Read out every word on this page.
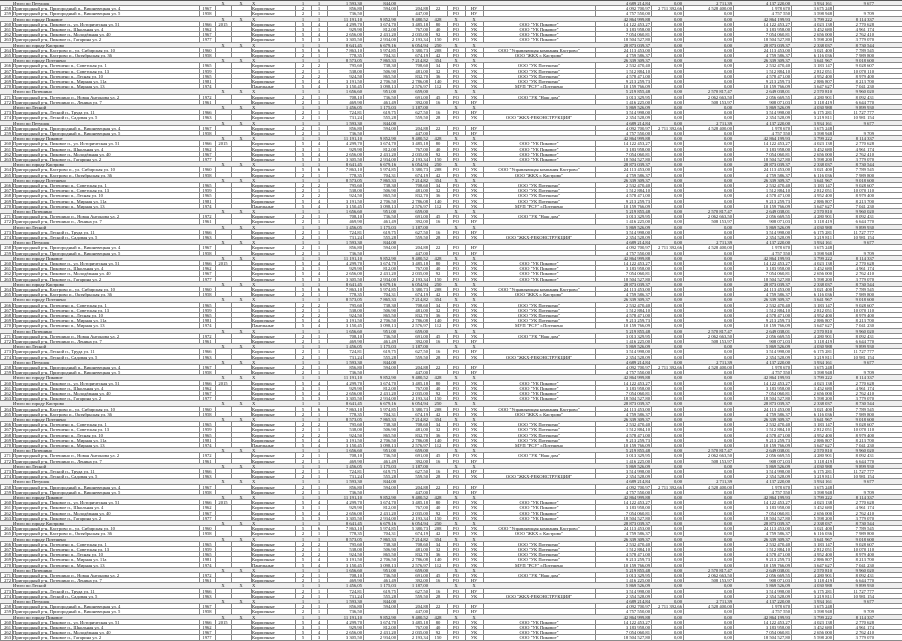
Итого по Петушок	X	X	X	1	1	1 593,30	844,00	4 689 214,84	0,00	2 711,39	4 137 220,00	3 934 161	9 677
258 Пригородный р-н, Пригородный п., Вишневецкая ул. 4	1967	Кирпичные	2	1	856,80	594,00	204,88	22	РО	НУ	4 092 700,97	2 711 392,66	4 528 400,00	1 978 670	3 675 248
259 Пригородный р-н, Пригородный п., Вишневецкая ул. 5	1958	Кирпичные	2	1	736,50	447,00	РО	НУ	4 757 550,00	0,00	0,00	4 757 550	3 598 948	9 709
Итого по городу Пиковое	X	X	X	1	1	11 191,10	9 852,90	9 480,52	428	X	X	42 864 999,88	0,00	0,00	42 864 199,93	3 799 222	8 114 337
260 Пригородный р-н, Пиковое п., ул. Историческая ул. 51	1966	2015	Кирпичные	5	4	4 299,70	3 674,70	3 485,18	80	РО	УК	ООО "УК Пиковое"	14 122 453,27	0,00	0,00	14 122 453,27	4 023 138	2 770 628
261 Пригородный р-н, Пиковое п., Школьная ул. 4	1962	Кирпичные	3	1	929,90	812,00	767,00	40	РО	УК	ООО "УК Пиковое"	3 183 958,00	0,00	0,00	3 183 958,00	3 452 680	4 961 174
262 Пригородный р-н, Пиковое п., Молодёжная ул. 40	1967	Кирпичные	5	4	2 656,00	2 431,20	2 035,00	92	РО	УК	ООО "УК Пиковое"	7 054 060,81	0,00	0,00	7 054 060,81	2 656 000	2 762 410
263 Пригородный р-н, Пиковое п., Гагарина ул. 2	1977	Кирпичные	5	3	3 305,50	2 934,00	2 193,34	150	РО	УК	ООО "УК Пиковое"	18 504 527,80	0,00	0,00	18 504 527,80	5 598 200	3 779 070
Итого по городу Кастрово	X	X	X	1	1	8 641,45	6 679,16	6 054,94	250	X	X	28 873 039,37	0,00	0,00	28 873 039,37	2 338 037	8 730 544
264 Пригородный р-н, Кастрово п., ул. Сибирская ул. 10	1960	Кирпичные	5	6	7 863,10	5 974,85	5 380,73	208	РО	УК	ООО "Управляющая компания Кастрово"	24 113 453,00	0,00	0,00	24 113 453,00	3 021 400	7 789 545
265 Пригородный р-н, Кастрово п., Октябрьская ул. 36	1958	Кирпичные	2	1	778,35	704,31	674,19	42	РО	УК	ООО "ЖКХ г. Кастрово"	4 759 586,37	0,00	0,00	4 759 586,37	6 116 036	7 989 800
Итого по городу Потешено	X	X	X	1	1	8 573,05	7 865,33	7 214,82	354	X	X	26 339 309,37	0,00	0,00	26 339 309,37	3 641 967	9 018 600
266 Пригородный р-н, Потешено п., Советская ул. 1	1965	Кирпичные	2	2	795,60	738,30	708,60	34	РО	УК	ООО "УК Потешено"	2 532 470,40	0,00	0,00	2 532 470,40	3 183 147	9 028 607
267 Пригородный р-н, Потешено п., Советская ул. 13	1959	Кирпичные	2	1	538,00	506,90	481,00	32	РО	УК	ООО "УК Потешено"	1 512 884,10	0,00	0,00	1 512 884,10	2 812 051	10 070 110
268 Пригородный р-н, Потешено п., Лесная ул. 10	1965	Кирпичные	2	2	924,50	865,50	832,70	36	РО	УК	ООО "УК Потешено"	4 578 471,00	0,00	0,00	4 578 471,00	4 952 400	8 979 400
269 Пригородный р-н, Потешено п., Мирная ул. 11а	1981	Кирпичные	5	4	3 191,50	2 706,50	2 786,08	140	РО	УК	ООО "УК Потешено"	9 213 259,73	0,00	0,00	9 213 259,73	2 886 807	8 213 700
270 Пригородный р-н, Потешено п., Мирная ул. 13	1974	Панельные	5	4	3 150,45	3 098,13	2 576,97	112	РО	УК	МУП "РСУ" г.Потешено	10 159 766,09	0,00	0,00	10 159 766,09	3 647 627	7 041 230
Итого по Потешино	X	X	X	1	1	1 656,60	951,00	659,00	X	X	5 219 855,48	0,00	2 570 817,47	2 649 038,01	2 570 810	9 960 020
271 Пригородный р-н, Потешино п., Новая Антонова ул. 2	1972	Кирпичные	2	1	708,10	736,50	691,00	45	РО	УК	ООО "УК "Наш дом"	3 013 329,95	0,00	2 062 663,50	2 056 669,55	4 280 901	8 092 431
272 Пригородный р-н, Потешино п., Ленина ул. 7	1961	Кирпичные	2	1	469,90	461,49	392,00	16	РО	НУ	1 416 225,00	0,00	508 153,97	908 071,03	3 118 419	6 644 770
Итого по Лесной	X	X	X	1	1	1 456,05	1 175,03	1 187,00	X	X	5 869 526,09	0,00	0,00	5 869 526,09	4 030 988	9 899 930
273 Пригородный р-н, Лесной п., Труда ул. 11	1966	Кирпичные	2	1	724,81	619,75	627,50	16	РО	НУ	3 514 998,00	0,00	0,00	3 514 998,00	6 175 281	11 727 777
274 Пригородный р-н, Лесной п., Садовая ул. 5	1963	Кирпичные	2	1	731,24	555,28	559,50	28	РО	УК	ООО "ЖКХ-РЕКОНСТРУКЦИЯ"	2 354 528,09	0,00	0,00	2 354 528,09	3 219 811	10 981 154
Итого по Петушок	X	X	X	1	1	1 593,30	844,00	4 689 214,84	0,00	2 711,39	4 137 220,00	3 934 161	9 677
258 Пригородный р-н, Пригородный п., Вишневецкая ул. 4	1967	Кирпичные	2	1	856,80	594,00	204,88	22	РО	НУ	4 092 700,97	2 711 392,66	4 528 400,00	1 978 670	3 675 248
259 Пригородный р-н, Пригородный п., Вишневецкая ул. 5	1958	Кирпичные	2	1	736,50	447,00	РО	НУ	4 757 550,00	0,00	0,00	4 757 550	3 598 948	9 709
Итого по городу Пиковое	X	X	X	1	1	11 191,10	9 852,90	9 480,52	428	X	X	42 864 999,88	0,00	0,00	42 864 199,93	3 799 222	8 114 337
260 Пригородный р-н, Пиковое п., ул. Историческая ул. 51	1966	2015	Кирпичные	5	4	4 299,70	3 674,70	3 485,18	80	РО	УК	ООО "УК Пиковое"	14 122 453,27	0,00	0,00	14 122 453,27	4 023 138	2 770 628
261 Пригородный р-н, Пиковое п., Школьная ул. 4	1962	Кирпичные	3	1	929,90	812,00	767,00	40	РО	УК	ООО "УК Пиковое"	3 183 958,00	0,00	0,00	3 183 958,00	3 452 680	4 961 174
262 Пригородный р-н, Пиковое п., Молодёжная ул. 40	1967	Кирпичные	5	4	2 656,00	2 431,20	2 035,00	92	РО	УК	ООО "УК Пиковое"	7 054 060,81	0,00	0,00	7 054 060,81	2 656 000	2 762 410
263 Пригородный р-н, Пиковое п., Гагарина ул. 2	1977	Кирпичные	5	3	3 305,50	2 934,00	2 193,34	150	РО	УК	ООО "УК Пиковое"	18 504 527,80	0,00	0,00	18 504 527,80	5 598 200	3 779 070
Итого по городу Кастрово	X	X	X	1	1	8 641,45	6 679,16	6 054,94	250	X	X	28 873 039,37	0,00	0,00	28 873 039,37	2 338 037	8 730 544
264 Пригородный р-н, Кастрово п., ул. Сибирская ул. 10	1960	Кирпичные	5	6	7 863,10	5 974,85	5 380,73	208	РО	УК	ООО "Управляющая компания Кастрово"	24 113 453,00	0,00	0,00	24 113 453,00	3 021 400	7 789 545
265 Пригородный р-н, Кастрово п., Октябрьская ул. 36	1958	Кирпичные	2	1	778,35	704,31	674,19	42	РО	УК	ООО "ЖКХ г. Кастрово"	4 759 586,37	0,00	0,00	4 759 586,37	6 116 036	7 989 800
Итого по городу Потешено	X	X	X	1	1	8 573,05	7 865,33	7 214,82	354	X	X	26 339 309,37	0,00	0,00	26 339 309,37	3 641 967	9 018 600
266 Пригородный р-н, Потешено п., Советская ул. 1	1965	Кирпичные	2	2	795,60	738,30	708,60	34	РО	УК	ООО "УК Потешено"	2 532 470,40	0,00	0,00	2 532 470,40	3 183 147	9 028 607
267 Пригородный р-н, Потешено п., Советская ул. 13	1959	Кирпичные	2	1	538,00	506,90	481,00	32	РО	УК	ООО "УК Потешено"	1 512 884,10	0,00	0,00	1 512 884,10	2 812 051	10 070 110
268 Пригородный р-н, Потешено п., Лесная ул. 10	1965	Кирпичные	2	2	924,50	865,50	832,70	36	РО	УК	ООО "УК Потешено"	4 578 471,00	0,00	0,00	4 578 471,00	4 952 400	8 979 400
269 Пригородный р-н, Потешено п., Мирная ул. 11а	1981	Кирпичные	5	4	3 191,50	2 706,50	2 786,08	140	РО	УК	ООО "УК Потешено"	9 213 259,73	0,00	0,00	9 213 259,73	2 886 807	8 213 700
270 Пригородный р-н, Потешено п., Мирная ул. 13	1974	Панельные	5	4	3 150,45	3 098,13	2 576,97	112	РО	УК	МУП "РСУ" г.Потешено	10 159 766,09	0,00	0,00	10 159 766,09	3 647 627	7 041 230
Итого по Потешино	X	X	X	1	1	1 656,60	951,00	659,00	X	X	5 219 855,48	0,00	2 570 817,47	2 649 038,01	2 570 810	9 960 020
271 Пригородный р-н, Потешино п., Новая Антонова ул. 2	1972	Кирпичные	2	1	708,10	736,50	691,00	45	РО	УК	ООО "УК "Наш дом"	3 013 329,95	0,00	2 062 663,50	2 056 669,55	4 280 901	8 092 431
272 Пригородный р-н, Потешино п., Ленина ул. 7	1961	Кирпичные	2	1	469,90	461,49	392,00	16	РО	НУ	1 416 225,00	0,00	508 153,97	908 071,03	3 118 419	6 644 770
Итого по Лесной	X	X	X	1	1	1 456,05	1 175,03	1 187,00	X	X	5 869 526,09	0,00	0,00	5 869 526,09	4 030 988	9 899 930
273 Пригородный р-н, Лесной п., Труда ул. 11	1966	Кирпичные	2	1	724,81	619,75	627,50	16	РО	НУ	3 514 998,00	0,00	0,00	3 514 998,00	6 175 281	11 727 777
274 Пригородный р-н, Лесной п., Садовая ул. 5	1963	Кирпичные	2	1	731,24	555,28	559,50	28	РО	УК	ООО "ЖКХ-РЕКОНСТРУКЦИЯ"	2 354 528,09	0,00	0,00	2 354 528,09	3 219 811	10 981 154
Итого по Петушок	X	X	X	1	1	1 593,30	844,00	4 689 214,84	0,00	2 711,39	4 137 220,00	3 934 161	9 677
258 Пригородный р-н, Пригородный п., Вишневецкая ул. 4	1967	Кирпичные	2	1	856,80	594,00	204,88	22	РО	НУ	4 092 700,97	2 711 392,66	4 528 400,00	1 978 670	3 675 248
259 Пригородный р-н, Пригородный п., Вишневецкая ул. 5	1958	Кирпичные	2	1	736,50	447,00	РО	НУ	4 757 550,00	0,00	0,00	4 757 550	3 598 948	9 709
Итого по городу Пиковое	X	X	X	1	1	11 191,10	9 852,90	9 480,52	428	X	X	42 864 999,88	0,00	0,00	42 864 199,93	3 799 222	8 114 337
260 Пригородный р-н, Пиковое п., ул. Историческая ул. 51	1966	2015	Кирпичные	5	4	4 299,70	3 674,70	3 485,18	80	РО	УК	ООО "УК Пиковое"	14 122 453,27	0,00	0,00	14 122 453,27	4 023 138	2 770 628
261 Пригородный р-н, Пиковое п., Школьная ул. 4	1962	Кирпичные	3	1	929,90	812,00	767,00	40	РО	УК	ООО "УК Пиковое"	3 183 958,00	0,00	0,00	3 183 958,00	3 452 680	4 961 174
262 Пригородный р-н, Пиковое п., Молодёжная ул. 40	1967	Кирпичные	5	4	2 656,00	2 431,20	2 035,00	92	РО	УК	ООО "УК Пиковое"	7 054 060,81	0,00	0,00	7 054 060,81	2 656 000	2 762 410
263 Пригородный р-н, Пиковое п., Гагарина ул. 2	1977	Кирпичные	5	3	3 305,50	2 934,00	2 193,34	150	РО	УК	ООО "УК Пиковое"	18 504 527,80	0,00	0,00	18 504 527,80	5 598 200	3 779 070
Итого по городу Кастрово	X	X	X	1	1	8 641,45	6 679,16	6 054,94	250	X	X	28 873 039,37	0,00	0,00	28 873 039,37	2 338 037	8 730 544
264 Пригородный р-н, Кастрово п., ул. Сибирская ул. 10	1960	Кирпичные	5	6	7 863,10	5 974,85	5 380,73	208	РО	УК	ООО "Управляющая компания Кастрово"	24 113 453,00	0,00	0,00	24 113 453,00	3 021 400	7 789 545
265 Пригородный р-н, Кастрово п., Октябрьская ул. 36	1958	Кирпичные	2	1	778,35	704,31	674,19	42	РО	УК	ООО "ЖКХ г. Кастрово"	4 759 586,37	0,00	0,00	4 759 586,37	6 116 036	7 989 800
Итого по городу Потешено	X	X	X	1	1	8 573,05	7 865,33	7 214,82	354	X	X	26 339 309,37	0,00	0,00	26 339 309,37	3 641 967	9 018 600
266 Пригородный р-н, Потешено п., Советская ул. 1	1965	Кирпичные	2	2	795,60	738,30	708,60	34	РО	УК	ООО "УК Потешено"	2 532 470,40	0,00	0,00	2 532 470,40	3 183 147	9 028 607
267 Пригородный р-н, Потешено п., Советская ул. 13	1959	Кирпичные	2	1	538,00	506,90	481,00	32	РО	УК	ООО "УК Потешено"	1 512 884,10	0,00	0,00	1 512 884,10	2 812 051	10 070 110
268 Пригородный р-н, Потешено п., Лесная ул. 10	1965	Кирпичные	2	2	924,50	865,50	832,70	36	РО	УК	ООО "УК Потешено"	4 578 471,00	0,00	0,00	4 578 471,00	4 952 400	8 979 400
269 Пригородный р-н, Потешено п., Мирная ул. 11а	1981	Кирпичные	5	4	3 191,50	2 706,50	2 786,08	140	РО	УК	ООО "УК Потешено"	9 213 259,73	0,00	0,00	9 213 259,73	2 886 807	8 213 700
270 Пригородный р-н, Потешено п., Мирная ул. 13	1974	Панельные	5	4	3 150,45	3 098,13	2 576,97	112	РО	УК	МУП "РСУ" г.Потешено	10 159 766,09	0,00	0,00	10 159 766,09	3 647 627	7 041 230
Итого по Потешино	X	X	X	1	1	1 656,60	951,00	659,00	X	X	5 219 855,48	0,00	2 570 817,47	2 649 038,01	2 570 810	9 960 020
271 Пригородный р-н, Потешино п., Новая Антонова ул. 2	1972	Кирпичные	2	1	708,10	736,50	691,00	45	РО	УК	ООО "УК "Наш дом"	3 013 329,95	0,00	2 062 663,50	2 056 669,55	4 280 901	8 092 431
272 Пригородный р-н, Потешино п., Ленина ул. 7	1961	Кирпичные	2	1	469,90	461,49	392,00	16	РО	НУ	1 416 225,00	0,00	508 153,97	908 071,03	3 118 419	6 644 770
Итого по Лесной	X	X	X	1	1	1 456,05	1 175,03	1 187,00	X	X	5 869 526,09	0,00	0,00	5 869 526,09	4 030 988	9 899 930
273 Пригородный р-н, Лесной п., Труда ул. 11	1966	Кирпичные	2	1	724,81	619,75	627,50	16	РО	НУ	3 514 998,00	0,00	0,00	3 514 998,00	6 175 281	11 727 777
274 Пригородный р-н, Лесной п., Садовая ул. 5	1963	Кирпичные	2	1	731,24	555,28	559,50	28	РО	УК	ООО "ЖКХ-РЕКОНСТРУКЦИЯ"	2 354 528,09	0,00	0,00	2 354 528,09	3 219 811	10 981 154
Итого по Петушок	X	X	X	1	1	1 593,30	844,00	4 689 214,84	0,00	2 711,39	4 137 220,00	3 934 161	9 677
258 Пригородный р-н, Пригородный п., Вишневецкая ул. 4	1967	Кирпичные	2	1	856,80	594,00	204,88	22	РО	НУ	4 092 700,97	2 711 392,66	4 528 400,00	1 978 670	3 675 248
259 Пригородный р-н, Пригородный п., Вишневецкая ул. 5	1958	Кирпичные	2	1	736,50	447,00	РО	НУ	4 757 550,00	0,00	0,00	4 757 550	3 598 948	9 709
Итого по городу Пиковое	X	X	X	1	1	11 191,10	9 852,90	9 480,52	428	X	X	42 864 999,88	0,00	0,00	42 864 199,93	3 799 222	8 114 337
260 Пригородный р-н, Пиковое п., ул. Историческая ул. 51	1966	2015	Кирпичные	5	4	4 299,70	3 674,70	3 485,18	80	РО	УК	ООО "УК Пиковое"	14 122 453,27	0,00	0,00	14 122 453,27	4 023 138	2 770 628
261 Пригородный р-н, Пиковое п., Школьная ул. 4	1962	Кирпичные	3	1	929,90	812,00	767,00	40	РО	УК	ООО "УК Пиковое"	3 183 958,00	0,00	0,00	3 183 958,00	3 452 680	4 961 174
262 Пригородный р-н, Пиковое п., Молодёжная ул. 40	1967	Кирпичные	5	4	2 656,00	2 431,20	2 035,00	92	РО	УК	ООО "УК Пиковое"	7 054 060,81	0,00	0,00	7 054 060,81	2 656 000	2 762 410
263 Пригородный р-н, Пиковое п., Гагарина ул. 2	1977	Кирпичные	5	3	3 305,50	2 934,00	2 193,34	150	РО	УК	ООО "УК Пиковое"	18 504 527,80	0,00	0,00	18 504 527,80	5 598 200	3 779 070
Итого по городу Кастрово	X	X	X	1	1	8 641,45	6 679,16	6 054,94	250	X	X	28 873 039,37	0,00	0,00	28 873 039,37	2 338 037	8 730 544
264 Пригородный р-н, Кастрово п., ул. Сибирская ул. 10	1960	Кирпичные	5	6	7 863,10	5 974,85	5 380,73	208	РО	УК	ООО "Управляющая компания Кастрово"	24 113 453,00	0,00	0,00	24 113 453,00	3 021 400	7 789 545
265 Пригородный р-н, Кастрово п., Октябрьская ул. 36	1958	Кирпичные	2	1	778,35	704,31	674,19	42	РО	УК	ООО "ЖКХ г. Кастрово"	4 759 586,37	0,00	0,00	4 759 586,37	6 116 036	7 989 800
Итого по городу Потешено	X	X	X	1	1	8 573,05	7 865,33	7 214,82	354	X	X	26 339 309,37	0,00	0,00	26 339 309,37	3 641 967	9 018 600
266 Пригородный р-н, Потешено п., Советская ул. 1	1965	Кирпичные	2	2	795,60	738,30	708,60	34	РО	УК	ООО "УК Потешено"	2 532 470,40	0,00	0,00	2 532 470,40	3 183 147	9 028 607
267 Пригородный р-н, Потешено п., Советская ул. 13	1959	Кирпичные	2	1	538,00	506,90	481,00	32	РО	УК	ООО "УК Потешено"	1 512 884,10	0,00	0,00	1 512 884,10	2 812 051	10 070 110
268 Пригородный р-н, Потешено п., Лесная ул. 10	1965	Кирпичные	2	2	924,50	865,50	832,70	36	РО	УК	ООО "УК Потешено"	4 578 471,00	0,00	0,00	4 578 471,00	4 952 400	8 979 400
269 Пригородный р-н, Потешено п., Мирная ул. 11а	1981	Кирпичные	5	4	3 191,50	2 706,50	2 786,08	140	РО	УК	ООО "УК Потешено"	9 213 259,73	0,00	0,00	9 213 259,73	2 886 807	8 213 700
270 Пригородный р-н, Потешено п., Мирная ул. 13	1974	Панельные	5	4	3 150,45	3 098,13	2 576,97	112	РО	УК	МУП "РСУ" г.Потешено	10 159 766,09	0,00	0,00	10 159 766,09	3 647 627	7 041 230
Итого по Потешино	X	X	X	1	1	1 656,60	951,00	659,00	X	X	5 219 855,48	0,00	2 570 817,47	2 649 038,01	2 570 810	9 960 020
271 Пригородный р-н, Потешино п., Новая Антонова ул. 2	1972	Кирпичные	2	1	708,10	736,50	691,00	45	РО	УК	ООО "УК "Наш дом"	3 013 329,95	0,00	2 062 663,50	2 056 669,55	4 280 901	8 092 431
272 Пригородный р-н, Потешино п., Ленина ул. 7	1961	Кирпичные	2	1	469,90	461,49	392,00	16	РО	НУ	1 416 225,00	0,00	508 153,97	908 071,03	3 118 419	6 644 770
Итого по Лесной	X	X	X	1	1	1 456,05	1 175,03	1 187,00	X	X	5 869 526,09	0,00	0,00	5 869 526,09	4 030 988	9 899 930
273 Пригородный р-н, Лесной п., Труда ул. 11	1966	Кирпичные	2	1	724,81	619,75	627,50	16	РО	НУ	3 514 998,00	0,00	0,00	3 514 998,00	6 175 281	11 727 777
274 Пригородный р-н, Лесной п., Садовая ул. 5	1963	Кирпичные	2	1	731,24	555,28	559,50	28	РО	УК	ООО "ЖКХ-РЕКОНСТРУКЦИЯ"	2 354 528,09	0,00	0,00	2 354 528,09	3 219 811	10 981 154
Итого по Петушок	X	X	X	1	1	1 593,30	844,00	4 689 214,84	0,00	2 711,39	4 137 220,00	3 934 161	9 677
258 Пригородный р-н, Пригородный п., Вишневецкая ул. 4	1967	Кирпичные	2	1	856,80	594,00	204,88	22	РО	НУ	4 092 700,97	2 711 392,66	4 528 400,00	1 978 670	3 675 248
259 Пригородный р-н, Пригородный п., Вишневецкая ул. 5	1958	Кирпичные	2	1	736,50	447,00	РО	НУ	4 757 550,00	0,00	0,00	4 757 550	3 598 948	9 709
Итого по городу Пиковое	X	X	X	1	1	11 191,10	9 852,90	9 480,52	428	X	X	42 864 999,88	0,00	0,00	42 864 199,93	3 799 222	8 114 337
260 Пригородный р-н, Пиковое п., ул. Историческая ул. 51	1966	2015	Кирпичные	5	4	4 299,70	3 674,70	3 485,18	80	РО	УК	ООО "УК Пиковое"	14 122 453,27	0,00	0,00	14 122 453,27	4 023 138	2 770 628
261 Пригородный р-н, Пиковое п., Школьная ул. 4	1962	Кирпичные	3	1	929,90	812,00	767,00	40	РО	УК	ООО "УК Пиковое"	3 183 958,00	0,00	0,00	3 183 958,00	3 452 680	4 961 174
262 Пригородный р-н, Пиковое п., Молодёжная ул. 40	1967	Кирпичные	5	4	2 656,00	2 431,20	2 035,00	92	РО	УК	ООО "УК Пиковое"	7 054 060,81	0,00	0,00	7 054 060,81	2 656 000	2 762 410
263 Пригородный р-н, Пиковое п., Гагарина ул. 2	1977	Кирпичные	5	3	3 305,50	2 934,00	2 193,34	150	РО	УК	ООО "УК Пиковое"	18 504 527,80	0,00	0,00	18 504 527,80	5 598 200	3 779 070
Итого по городу Кастрово	X	X	X	1	1	8 641,45	6 679,16	6 054,94	250	X	X	28 873 039,37	0,00	0,00	28 873 039,37	2 338 037	8 730 544
264 Пригородный р-н, Кастрово п., ул. Сибирская ул. 10	1960	Кирпичные	5	6	7 863,10	5 974,85	5 380,73	208	РО	УК	ООО "Управляющая компания Кастрово"	24 113 453,00	0,00	0,00	24 113 453,00	3 021 400	7 789 545
265 Пригородный р-н, Кастрово п., Октябрьская ул. 36	1958	Кирпичные	2	1	778,35	704,31	674,19	42	РО	УК	ООО "ЖКХ г. Кастрово"	4 759 586,37	0,00	0,00	4 759 586,37	6 116 036	7 989 800
Итого по городу Потешено	X	X	X	1	1	8 573,05	7 865,33	7 214,82	354	X	X	26 339 309,37	0,00	0,00	26 339 309,37	3 641 967	9 018 600
266 Пригородный р-н, Потешено п., Советская ул. 1	1965	Кирпичные	2	2	795,60	738,30	708,60	34	РО	УК	ООО "УК Потешено"	2 532 470,40	0,00	0,00	2 532 470,40	3 183 147	9 028 607
267 Пригородный р-н, Потешено п., Советская ул. 13	1959	Кирпичные	2	1	538,00	506,90	481,00	32	РО	УК	ООО "УК Потешено"	1 512 884,10	0,00	0,00	1 512 884,10	2 812 051	10 070 110
268 Пригородный р-н, Потешено п., Лесная ул. 10	1965	Кирпичные	2	2	924,50	865,50	832,70	36	РО	УК	ООО "УК Потешено"	4 578 471,00	0,00	0,00	4 578 471,00	4 952 400	8 979 400
269 Пригородный р-н, Потешено п., Мирная ул. 11а	1981	Кирпичные	5	4	3 191,50	2 706,50	2 786,08	140	РО	УК	ООО "УК Потешено"	9 213 259,73	0,00	0,00	9 213 259,73	2 886 807	8 213 700
270 Пригородный р-н, Потешено п., Мирная ул. 13	1974	Панельные	5	4	3 150,45	3 098,13	2 576,97	112	РО	УК	МУП "РСУ" г.Потешено	10 159 766,09	0,00	0,00	10 159 766,09	3 647 627	7 041 230
Итого по Потешино	X	X	X	1	1	1 656,60	951,00	659,00	X	X	5 219 855,48	0,00	2 570 817,47	2 649 038,01	2 570 810	9 960 020
271 Пригородный р-н, Потешино п., Новая Антонова ул. 2	1972	Кирпичные	2	1	708,10	736,50	691,00	45	РО	УК	ООО "УК "Наш дом"	3 013 329,95	0,00	2 062 663,50	2 056 669,55	4 280 901	8 092 431
272 Пригородный р-н, Потешино п., Ленина ул. 7	1961	Кирпичные	2	1	469,90	461,49	392,00	16	РО	НУ	1 416 225,00	0,00	508 153,97	908 071,03	3 118 419	6 644 770
Итого по Лесной	X	X	X	1	1	1 456,05	1 175,03	1 187,00	X	X	5 869 526,09	0,00	0,00	5 869 526,09	4 030 988	9 899 930
273 Пригородный р-н, Лесной п., Труда ул. 11	1966	Кирпичные	2	1	724,81	619,75	627,50	16	РО	НУ	3 514 998,00	0,00	0,00	3 514 998,00	6 175 281	11 727 777
274 Пригородный р-н, Лесной п., Садовая ул. 5	1963	Кирпичные	2	1	731,24	555,28	559,50	28	РО	УК	ООО "ЖКХ-РЕКОНСТРУКЦИЯ"	2 354 528,09	0,00	0,00	2 354 528,09	3 219 811	10 981 154
Итого по Петушок	X	X	X	1	1	1 593,30	844,00	4 689 214,84	0,00	2 711,39	4 137 220,00	3 934 161	9 677
258 Пригородный р-н, Пригородный п., Вишневецкая ул. 4	1967	Кирпичные	2	1	856,80	594,00	204,88	22	РО	НУ	4 092 700,97	2 711 392,66	4 528 400,00	1 978 670	3 675 248
259 Пригородный р-н, Пригородный п., Вишневецкая ул. 5	1958	Кирпичные	2	1	736,50	447,00	РО	НУ	4 757 550,00	0,00	0,00	4 757 550	3 598 948	9 709
Итого по городу Пиковое	X	X	X	1	1	11 191,10	9 852,90	9 480,52	428	X	X	42 864 999,88	0,00	0,00	42 864 199,93	3 799 222	8 114 337
260 Пригородный р-н, Пиковое п., ул. Историческая ул. 51	1966	2015	Кирпичные	5	4	4 299,70	3 674,70	3 485,18	80	РО	УК	ООО "УК Пиковое"	14 122 453,27	0,00	0,00	14 122 453,27	4 023 138	2 770 628
261 Пригородный р-н, Пиковое п., Школьная ул. 4	1962	Кирпичные	3	1	929,90	812,00	767,00	40	РО	УК	ООО "УК Пиковое"	3 183 958,00	0,00	0,00	3 183 958,00	3 452 680	4 961 174
262 Пригородный р-н, Пиковое п., Молодёжная ул. 40	1967	Кирпичные	5	4	2 656,00	2 431,20	2 035,00	92	РО	УК	ООО "УК Пиковое"	7 054 060,81	0,00	0,00	7 054 060,81	2 656 000	2 762 410
263 Пригородный р-н, Пиковое п., Гагарина ул. 2	1977	Кирпичные	5	3	3 305,50	2 934,00	2 193,34	150	РО	УК	ООО "УК Пиковое"	18 504 527,80	0,00	0,00	18 504 527,80	5 598 200	3 779 070
